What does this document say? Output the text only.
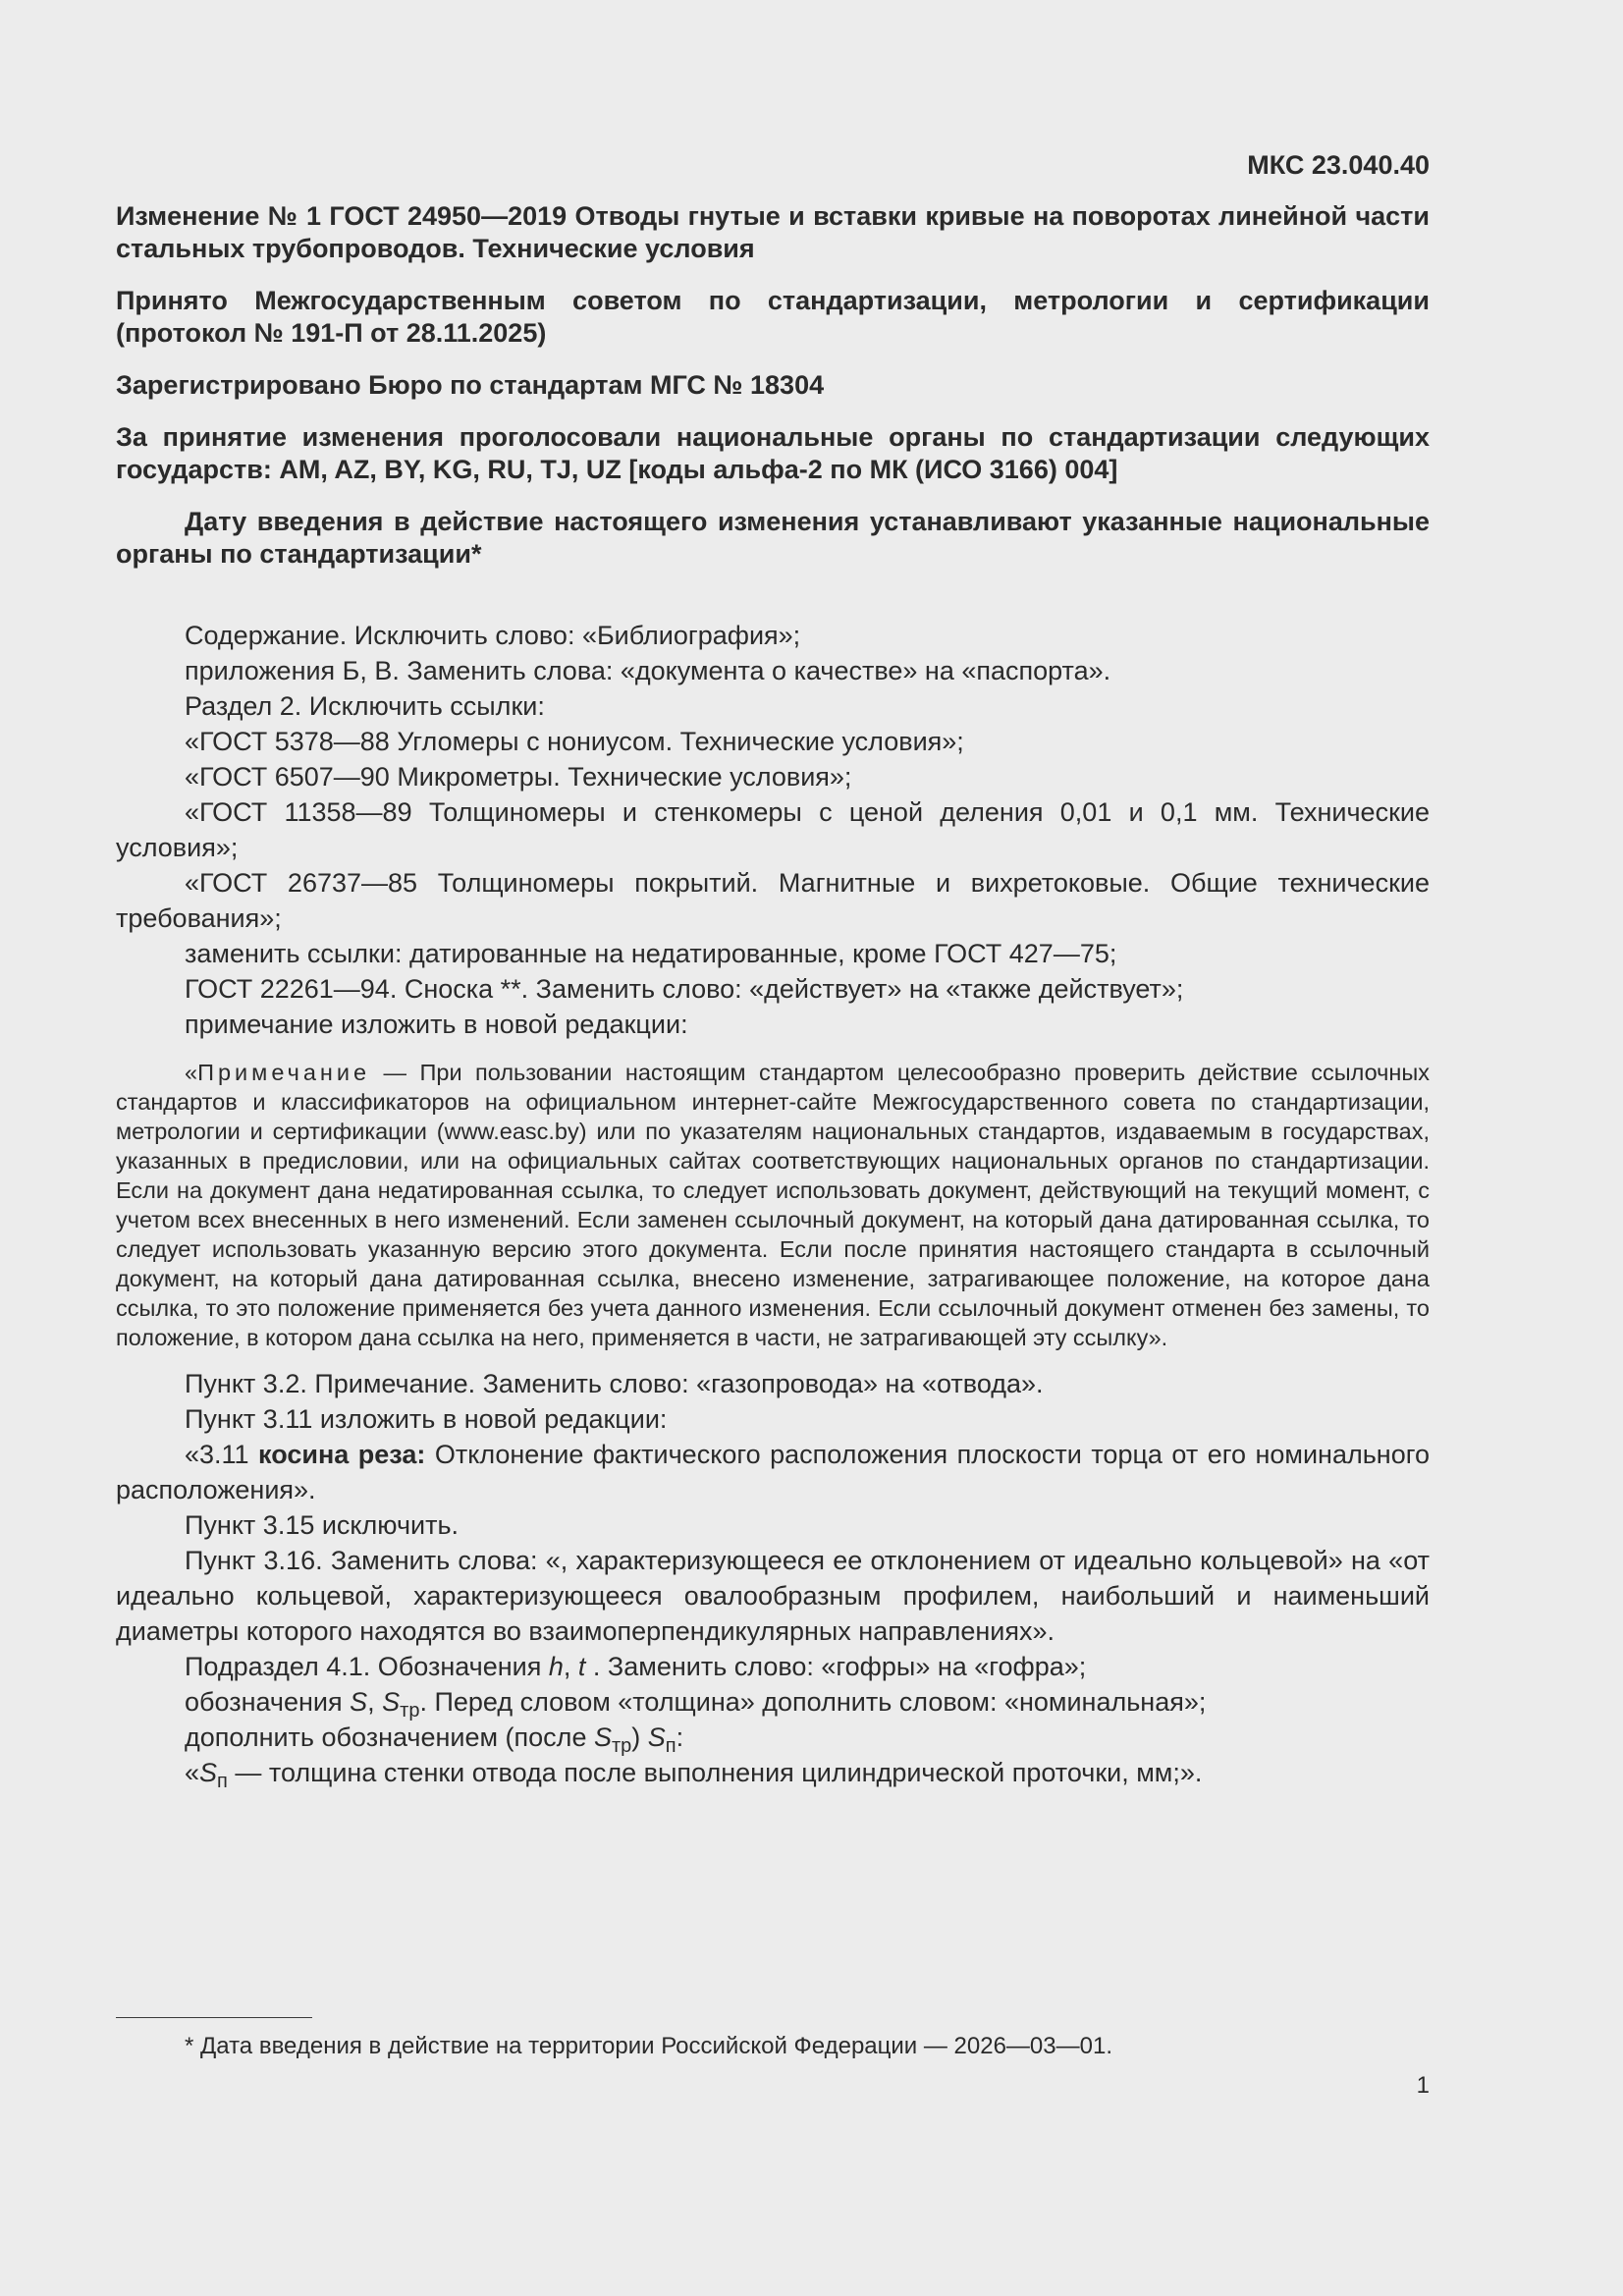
МКС 23.040.40
Изменение № 1 ГОСТ 24950—2019 Отводы гнутые и вставки кривые на поворотах линейной части стальных трубопроводов. Технические условия
Принято Межгосударственным советом по стандартизации, метрологии и сертификации (протокол № 191-П от 28.11.2025)
Зарегистрировано Бюро по стандартам МГС № 18304
За принятие изменения проголосовали национальные органы по стандартизации следующих государств: AM, AZ, BY, KG, RU, TJ, UZ [коды альфа-2 по МК (ИСО 3166) 004]
Дату введения в действие настоящего изменения устанавливают указанные национальные органы по стандартизации*

Содержание. Исключить слово: «Библиография»;

приложения Б, В. Заменить слова: «документа о качестве» на «паспорта».

Раздел 2. Исключить ссылки:

«ГОСТ 5378—88 Угломеры с нониусом. Технические условия»;

«ГОСТ 6507—90 Микрометры. Технические условия»;

«ГОСТ 11358—89 Толщиномеры и стенкомеры с ценой деления 0,01 и 0,1 мм. Технические условия»;

«ГОСТ 26737—85 Толщиномеры покрытий. Магнитные и вихретоковые. Общие технические требования»;

заменить ссылки: датированные на недатированные, кроме ГОСТ 427—75;

ГОСТ 22261—94. Сноска **. Заменить слово: «действует» на «также действует»;

примечание изложить в новой редакции:

«Примечание — При пользовании настоящим стандартом целесообразно проверить действие ссылочных стандартов и классификаторов на официальном интернет-сайте Межгосударственного совета по стандартизации, метрологии и сертификации (www.easc.by) или по указателям национальных стандартов, издаваемым в государствах, указанных в предисловии, или на официальных сайтах соответствующих национальных органов по стандартизации. Если на документ дана недатированная ссылка, то следует использовать документ, действующий на текущий момент, с учетом всех внесенных в него изменений. Если заменен ссылочный документ, на который дана датированная ссылка, то следует использовать указанную версию этого документа. Если после принятия настоящего стандарта в ссылочный документ, на который дана датированная ссылка, внесено изменение, затрагивающее положение, на которое дана ссылка, то это положение применяется без учета данного изменения. Если ссылочный документ отменен без замены, то положение, в котором дана ссылка на него, применяется в части, не затрагивающей эту ссылку».

Пункт 3.2. Примечание. Заменить слово: «газопровода» на «отвода».

Пункт 3.11 изложить в новой редакции:

«3.11 косина реза: Отклонение фактического расположения плоскости торца от его номинального расположения».

Пункт 3.15 исключить.

Пункт 3.16. Заменить слова: «, характеризующееся ее отклонением от идеально кольцевой» на «от идеально кольцевой, характеризующееся овалообразным профилем, наибольший и наименьший диаметры которого находятся во взаимоперпендикулярных направлениях».

Подраздел 4.1. Обозначения h, t . Заменить слово: «гофры» на «гофра»;

обозначения S, $S_{тр}$. Перед словом «толщина» дополнить словом: «номинальная»;

дополнить обозначением (после $S_{тр}$) $S_п$:

«$S_п$ — толщина стенки отвода после выполнения цилиндрической проточки, мм;».

* Дата введения в действие на территории Российской Федерации — 2026—03—01.
1
